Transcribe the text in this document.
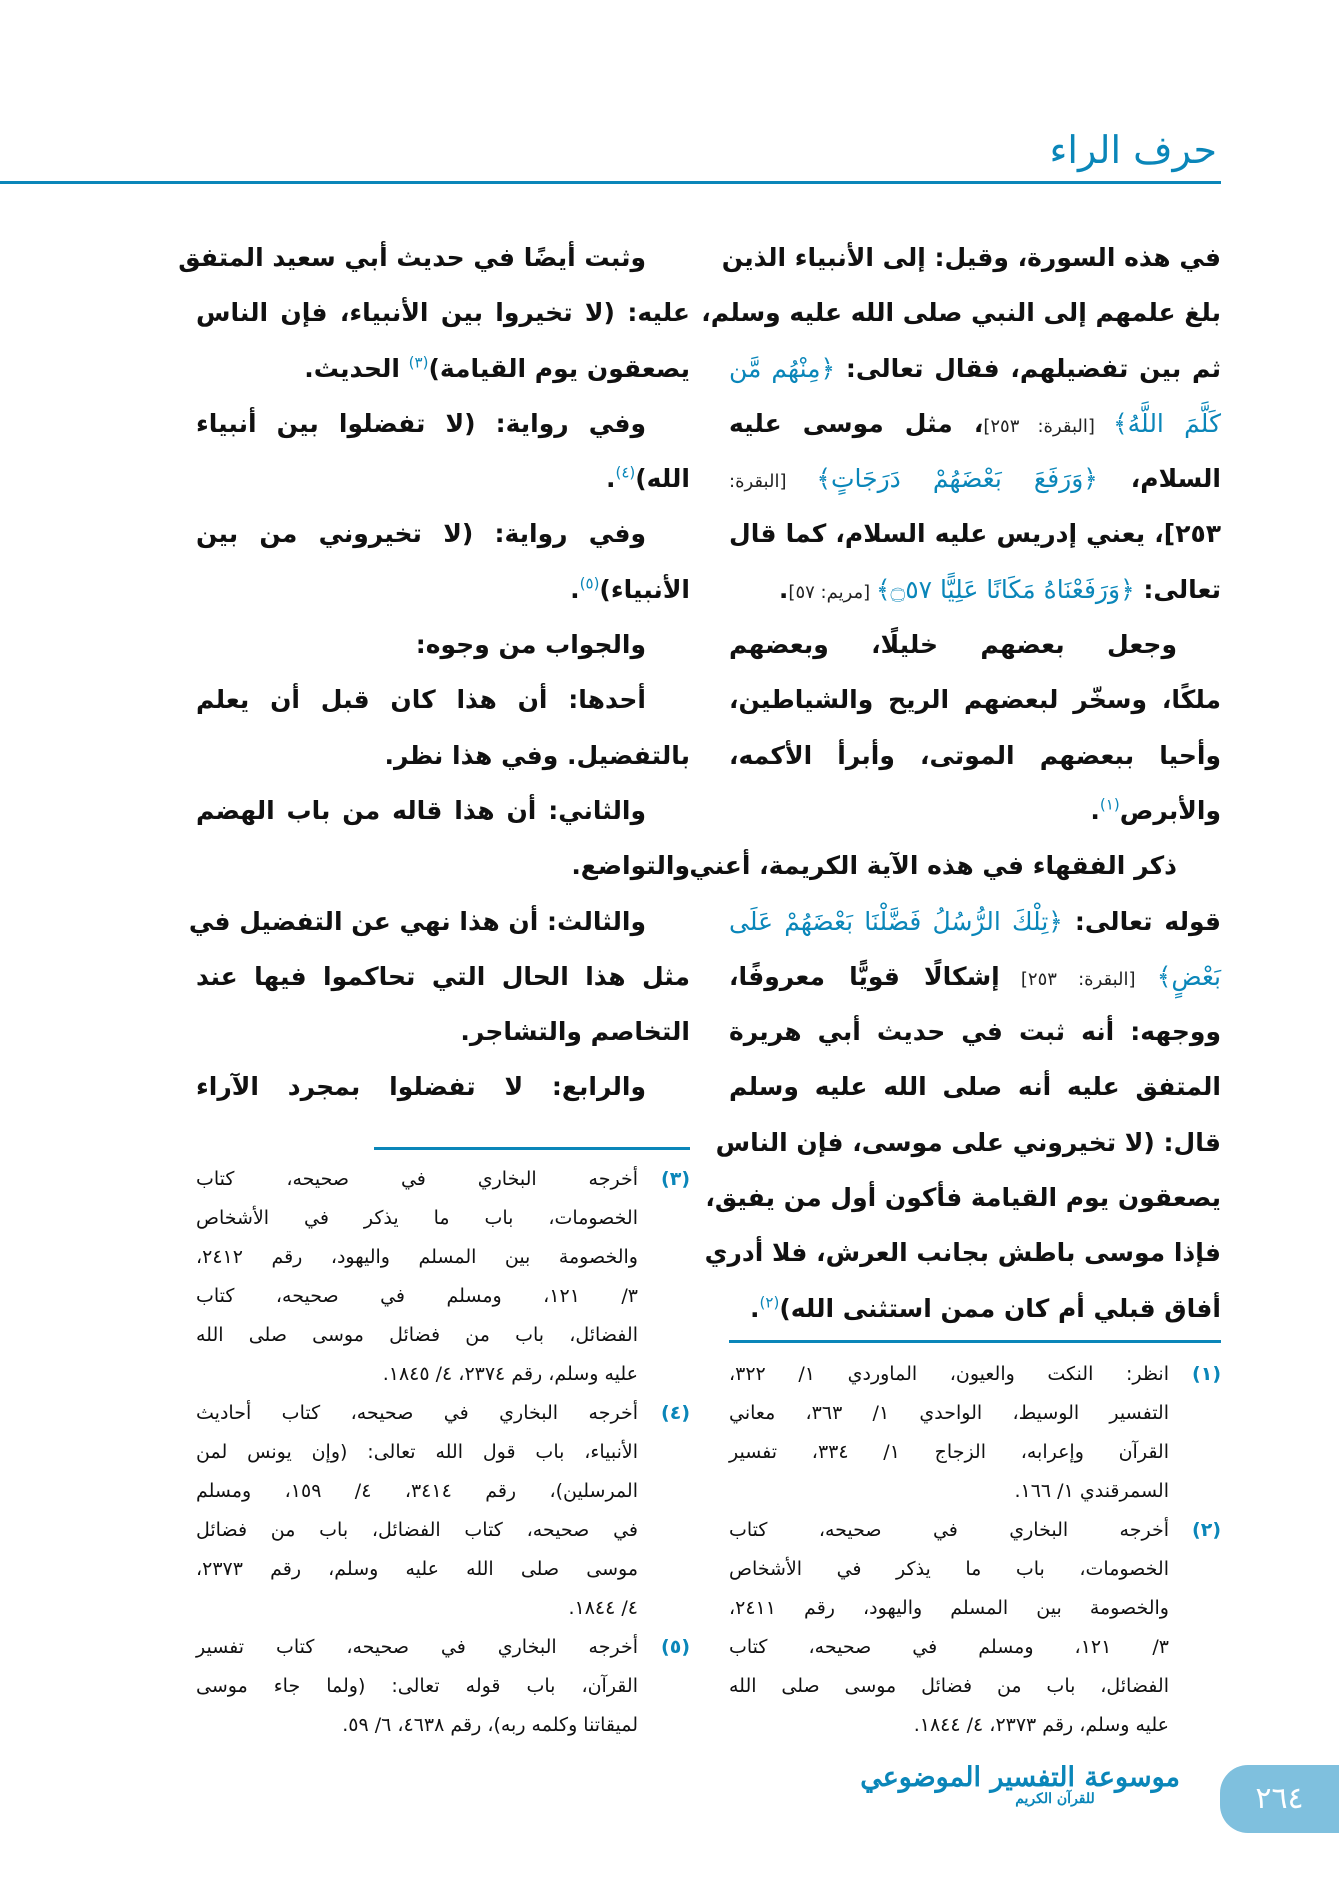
حرف الراء
في هذه السورة، وقيل: إلى الأنبياء الذين
بلغ علمهم إلى النبي صلى الله عليه وسلم،
ثم بين تفضيلهم، فقال تعالى: ﴿مِنْهُم مَّن
كَلَّمَ اللَّهُ﴾ [البقرة: ٢٥٣]، مثل موسى عليه
السلام، ﴿وَرَفَعَ بَعْضَهُمْ دَرَجَاتٍ﴾ [البقرة:
٢٥٣]، يعني إدريس عليه السلام، كما قال
تعالى: ﴿وَرَفَعْنَاهُ مَكَانًا عَلِيًّا ۝٥٧﴾ [مريم: ٥٧].
وجعل بعضهم خليلًا، وبعضهم
ملكًا، وسخّر لبعضهم الريح والشياطين،
وأحيا ببعضهم الموتى، وأبرأ الأكمه،
والأبرص$^{(١)}$.
ذكر الفقهاء في هذه الآية الكريمة، أعني
قوله تعالى: ﴿تِلْكَ الرُّسُلُ فَضَّلْنَا بَعْضَهُمْ عَلَى
بَعْضٍ﴾ [البقرة: ٢٥٣] إشكالًا قويًّا معروفًا،
ووجهه: أنه ثبت في حديث أبي هريرة
المتفق عليه أنه صلى الله عليه وسلم
قال: (لا تخيروني على موسى، فإن الناس
يصعقون يوم القيامة فأكون أول من يفيق،
فإذا موسى باطش بجانب العرش، فلا أدري
أفاق قبلي أم كان ممن استثنى الله)$^{(٢)}$.
وثبت أيضًا في حديث أبي سعيد المتفق
عليه: (لا تخيروا بين الأنبياء، فإن الناس
يصعقون يوم القيامة)$^{(٣)}$ الحديث.
وفي رواية: (لا تفضلوا بين أنبياء
الله)$^{(٤)}$.
وفي رواية: (لا تخيروني من بين
الأنبياء)$^{(٥)}$.
والجواب من وجوه:
أحدها: أن هذا كان قبل أن يعلم
بالتفضيل. وفي هذا نظر.
والثاني: أن هذا قاله من باب الهضم
والتواضع.
والثالث: أن هذا نهي عن التفضيل في
مثل هذا الحال التي تحاكموا فيها عند
التخاصم والتشاجر.
والرابع: لا تفضلوا بمجرد الآراء
(١)
انظر: النكت والعيون، الماوردي ١/ ٣٢٢،
التفسير الوسيط، الواحدي ١/ ٣٦٣، معاني
القرآن وإعرابه، الزجاج ١/ ٣٣٤، تفسير
السمرقندي ١/ ١٦٦.
(٢)
أخرجه البخاري في صحيحه، كتاب
الخصومات، باب ما يذكر في الأشخاص
والخصومة بين المسلم واليهود، رقم ٢٤١١،
٣/ ١٢١، ومسلم في صحيحه، كتاب
الفضائل، باب من فضائل موسى صلى الله
عليه وسلم، رقم ٢٣٧٣، ٤/ ١٨٤٤.
(٣)
أخرجه البخاري في صحيحه، كتاب
الخصومات، باب ما يذكر في الأشخاص
والخصومة بين المسلم واليهود، رقم ٢٤١٢،
٣/ ١٢١، ومسلم في صحيحه، كتاب
الفضائل، باب من فضائل موسى صلى الله
عليه وسلم، رقم ٢٣٧٤، ٤/ ١٨٤٥.
(٤)
أخرجه البخاري في صحيحه، كتاب أحاديث
الأنبياء، باب قول الله تعالى: (وإن يونس لمن
المرسلين)، رقم ٣٤١٤، ٤/ ١٥٩، ومسلم
في صحيحه، كتاب الفضائل، باب من فضائل
موسى صلى الله عليه وسلم، رقم ٢٣٧٣،
٤/ ١٨٤٤.
(٥)
أخرجه البخاري في صحيحه، كتاب تفسير
القرآن، باب قوله تعالى: (ولما جاء موسى
لميقاتنا وكلمه ربه)، رقم ٤٦٣٨، ٦/ ٥٩.
موسوعة التفسير الموضوعي
للقرآن الكريم	٢٦٤
